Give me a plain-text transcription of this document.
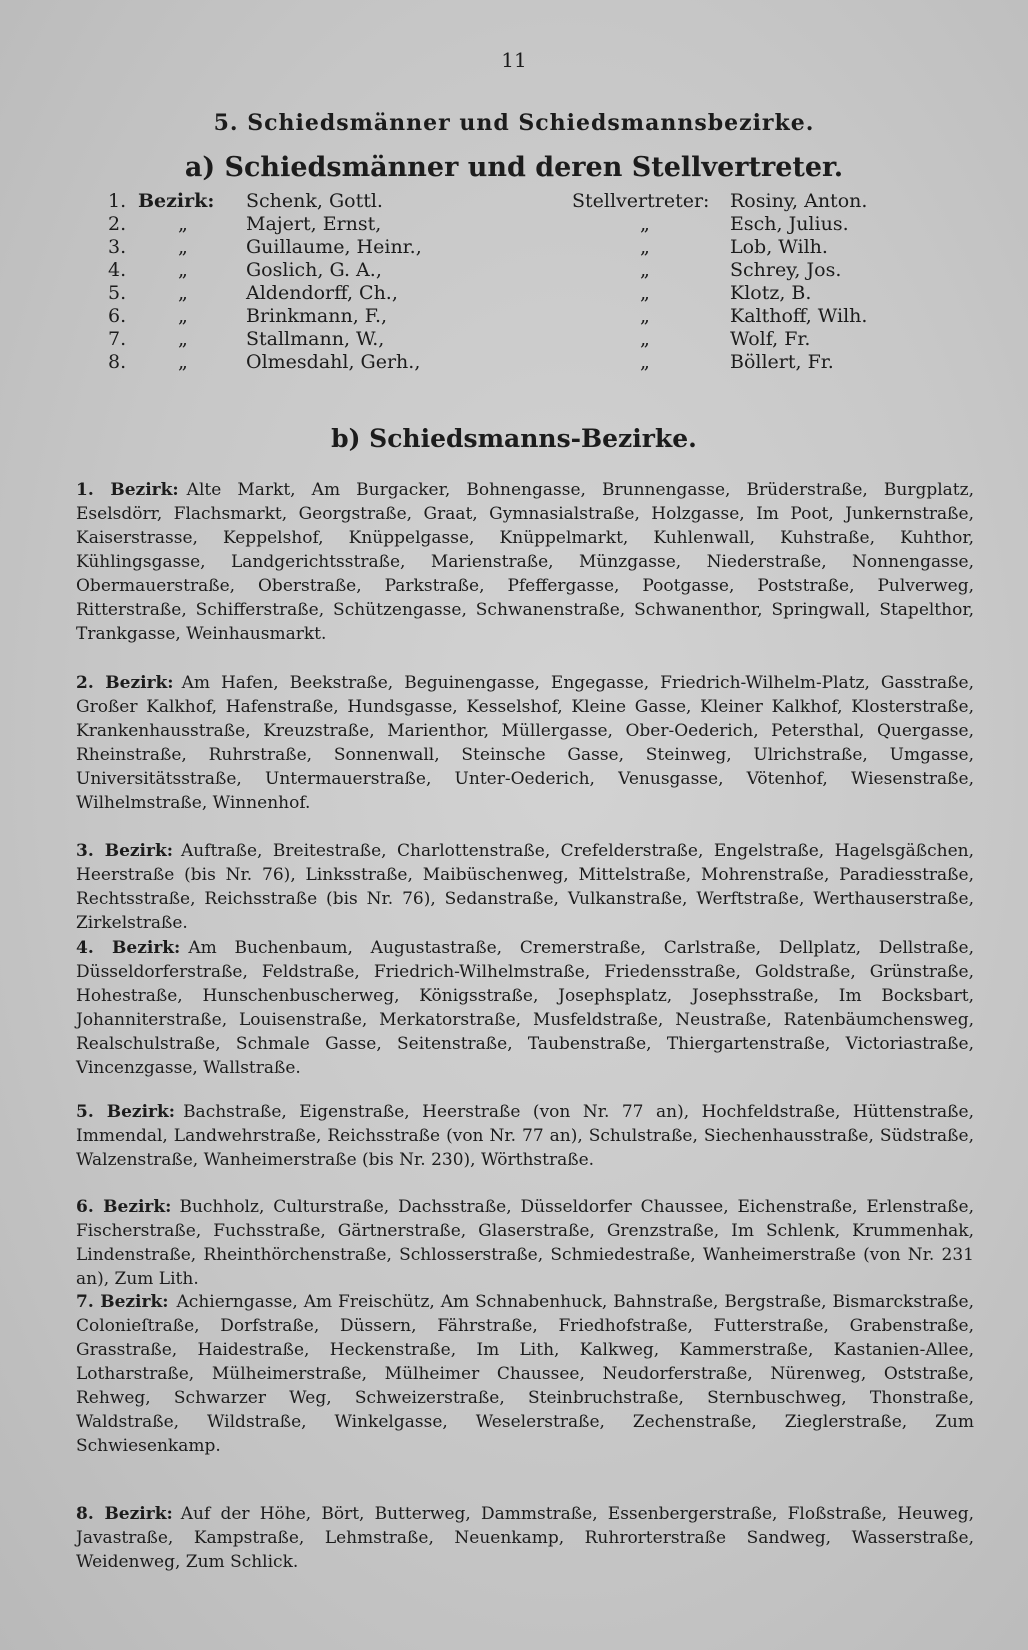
11
5. Schiedsmänner und Schiedsmannsbezirke.
a) Schiedsmänner und deren Stellvertreter.
1. Bezirk: Schenk, Gottl.	Stellvertreter: Rosiny, Anton.
2.	„	Majert, Ernst,	„	Esch, Julius.
3.	„	Guillaume, Heinr.,	„	Lob, Wilh.
4.	„	Goslich, G. A.,	„	Schrey, Jos.
5.	„	Aldendorff, Ch.,	„	Klotz, B.
6.	„	Brinkmann, F.,	„	Kalthoff, Wilh.
7.	„	Stallmann, W.,	„	Wolf, Fr.
8.	„	Olmesdahl, Gerh.,	„	Böllert, Fr.
b) Schiedsmanns-Bezirke.
1. Bezirk: Alte Markt, Am Burgacker, Bohnengasse, Brunnengasse, Brüderstraße, Burgplatz, Eselsdörr, Flachsmarkt, Georgstraße, Graat, Gymnasialstraße, Holzgasse, Im Poot, Junkernstraße, Kaiserstrasse, Keppelshof, Knüppelgasse, Knüppelmarkt, Kuhlenwall, Kuhstraße, Kuhthor, Kühlingsgasse, Landgerichtsstraße, Marienstraße, Münzgasse, Niederstraße, Nonnengasse, Obermauerstraße, Oberstraße, Parkstraße, Pfeffergasse, Pootgasse, Poststraße, Pulverweg, Ritterstraße, Schifferstraße, Schützengasse, Schwanenstraße, Schwanenthor, Springwall, Stapelthor, Trankgasse, Weinhausmarkt.
2. Bezirk: Am Hafen, Beekstraße, Beguinengasse, Engegasse, Friedrich-Wilhelm-Platz, Gasstraße, Großer Kalkhof, Hafenstraße, Hundsgasse, Kesselshof, Kleine Gasse, Kleiner Kalkhof, Klosterstraße, Krankenhausstraße, Kreuzstraße, Marienthor, Müllergasse, Ober-Oederich, Petersthal, Quergasse, Rheinstraße, Ruhrstraße, Sonnenwall, Steinsche Gasse, Steinweg, Ulrichstraße, Umgasse, Universitätsstraße, Untermauerstraße, Unter-Oederich, Venusgasse, Vötenhof, Wiesenstraße, Wilhelmstraße, Winnenhof.
3. Bezirk: Auftraße, Breitestraße, Charlottenstraße, Crefelderstraße, Engelstraße, Hagelsgäßchen, Heerstraße (bis Nr. 76), Linksstraße, Maibüschenweg, Mittelstraße, Mohrenstraße, Paradiesstraße, Rechtsstraße, Reichsstraße (bis Nr. 76), Sedanstraße, Vulkanstraße, Werftstraße, Werthauserstraße, Zirkelstraße.
4. Bezirk: Am Buchenbaum, Augustastraße, Cremerstraße, Carlstraße, Dellplatz, Dellstraße, Düsseldorferstraße, Feldstraße, Friedrich-Wilhelmstraße, Friedensstraße, Goldstraße, Grünstraße, Hohestraße, Hunschenbuscherweg, Königsstraße, Josephsplatz, Josephsstraße, Im Bocksbart, Johanniterstraße, Louisenstraße, Merkatorstraße, Musfeldstraße, Neustraße, Ratenbäumchensweg, Realschulstraße, Schmale Gasse, Seitenstraße, Taubenstraße, Thiergartenstraße, Victoriastraße, Vincenzgasse, Wallstraße.
5. Bezirk: Bachstraße, Eigenstraße, Heerstraße (von Nr. 77 an), Hochfeldstraße, Hüttenstraße, Immendal, Landwehrstraße, Reichsstraße (von Nr. 77 an), Schulstraße, Siechenhausstraße, Südstraße, Walzenstraße, Wanheimerstraße (bis Nr. 230), Wörthstraße.
6. Bezirk: Buchholz, Culturstraße, Dachsstraße, Düsseldorfer Chaussee, Eichenstraße, Erlenstraße, Fischerstraße, Fuchsstraße, Gärtnerstraße, Glaserstraße, Grenzstraße, Im Schlenk, Krummenhak, Lindenstraße, Rheinthörchenstraße, Schlosserstraße, Schmiedestraße, Wanheimerstraße (von Nr. 231 an), Zum Lith.
7. Bezirk: Achierngasse, Am Freischütz, Am Schnabenhuck, Bahnstraße, Bergstraße, Bismarckstraße, Colonieſtraße, Dorfstraße, Düssern, Fährstraße, Friedhofstraße, Futterstraße, Grabenstraße, Grasstraße, Haidestraße, Heckenstraße, Im Lith, Kalkweg, Kammerstraße, Kastanien-Allee, Lotharstraße, Mülheimerstraße, Mülheimer Chaussee, Neudorferstraße, Nürenweg, Oststraße, Rehweg, Schwarzer Weg, Schweizerstraße, Steinbruchstraße, Sternbuschweg, Thonstraße, Waldstraße, Wildstraße, Winkelgasse, Weselerstraße, Zechenstraße, Zieglerstraße, Zum Schwiesenkamp.
8. Bezirk: Auf der Höhe, Bört, Butterweg, Dammstraße, Essenbergerstraße, Floßstraße, Heuweg, Javastraße, Kampstraße, Lehmstraße, Neuenkamp, Ruhrorterstraße Sandweg, Wasserstraße, Weidenweg, Zum Schlick.
